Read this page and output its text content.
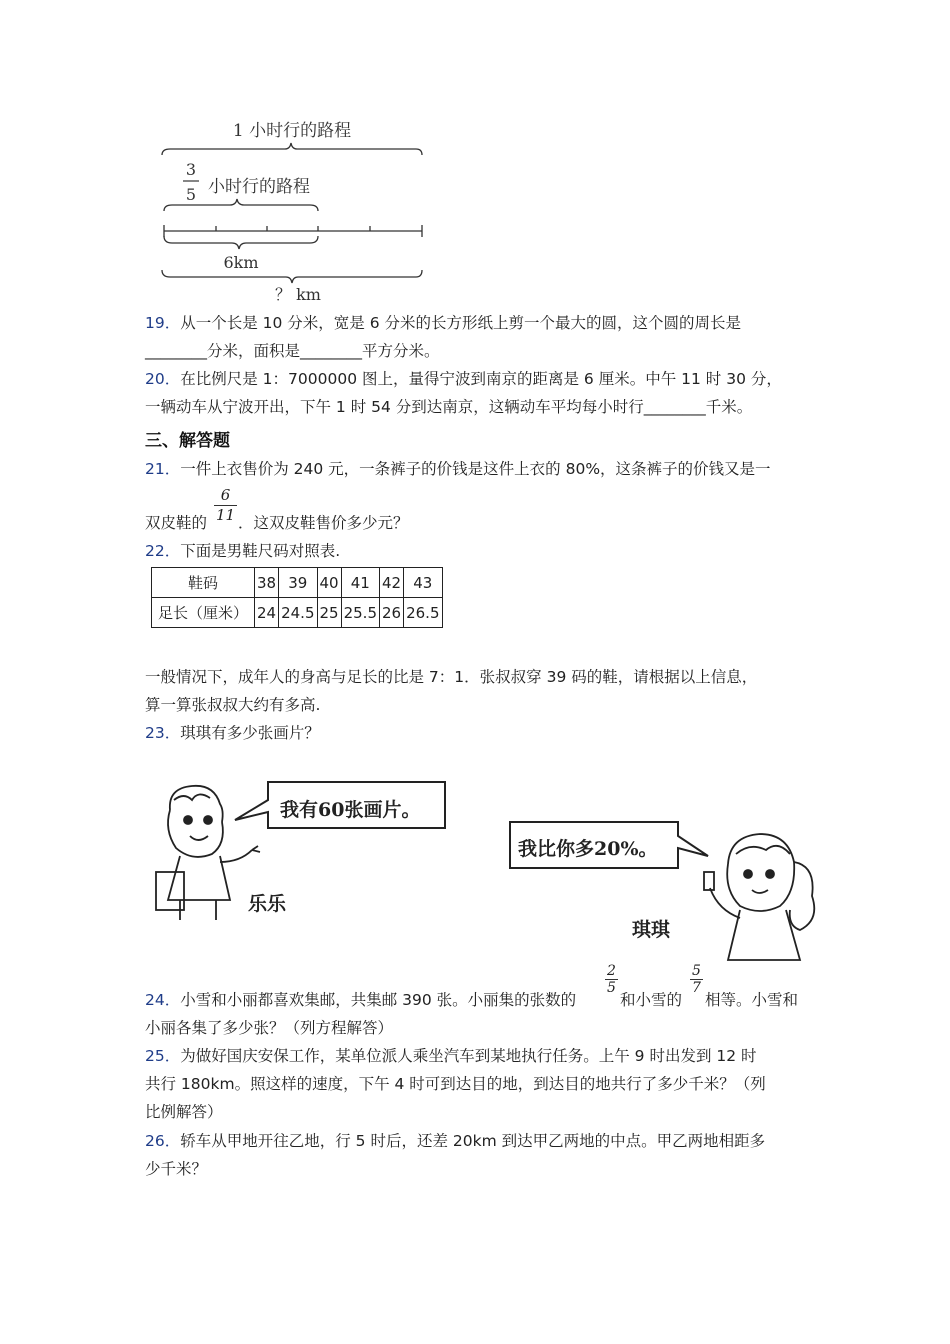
1 小时行的路程
3
5 小时行的路程
6km
？ km
19．从一个长是 10 分米，宽是 6 分米的长方形纸上剪一个最大的圆，这个圆的周长是
________分米，面积是________平方分米。
20．在比例尺是 1：7000000 图上，量得宁波到南京的距离是 6 厘米。中午 11 时 30 分，
一辆动车从宁波开出，下午 1 时 54 分到达南京，这辆动车平均每小时行________千米。
三、解答题
21．一件上衣售价为 240 元，一条裤子的价钱是这件上衣的 80%，这条裤子的价钱又是一
$\frac{6}{11}$
双皮鞋的 ．这双皮鞋售价多少元？
22．下面是男鞋尺码对照表.
鞋码	38	39	40	41	42	43
足长（厘米）	24	24.5	25	25.5	26	26.5
一般情况下，成年人的身高与足长的比是 7：1．张叔叔穿 39 码的鞋，请根据以上信息，
算一算张叔叔大约有多高.
23．琪琪有多少张画片？
乐乐
琪琪
我有60张画片。
我比你多20%。
24．小雪和小丽都喜欢集邮，共集邮 390 张。小丽集的张数的
$\frac{2}{5}$
和小雪的
$\frac{5}{7}$
相等。小雪和
小丽各集了多少张？（列方程解答）
25．为做好国庆安保工作，某单位派人乘坐汽车到某地执行任务。上午 9 时出发到 12 时
共行 180km。照这样的速度，下午 4 时可到达目的地，到达目的地共行了多少千米？（列
比例解答）
26．轿车从甲地开往乙地，行 5 时后，还差 20km 到达甲乙两地的中点。甲乙两地相距多
少千米？
